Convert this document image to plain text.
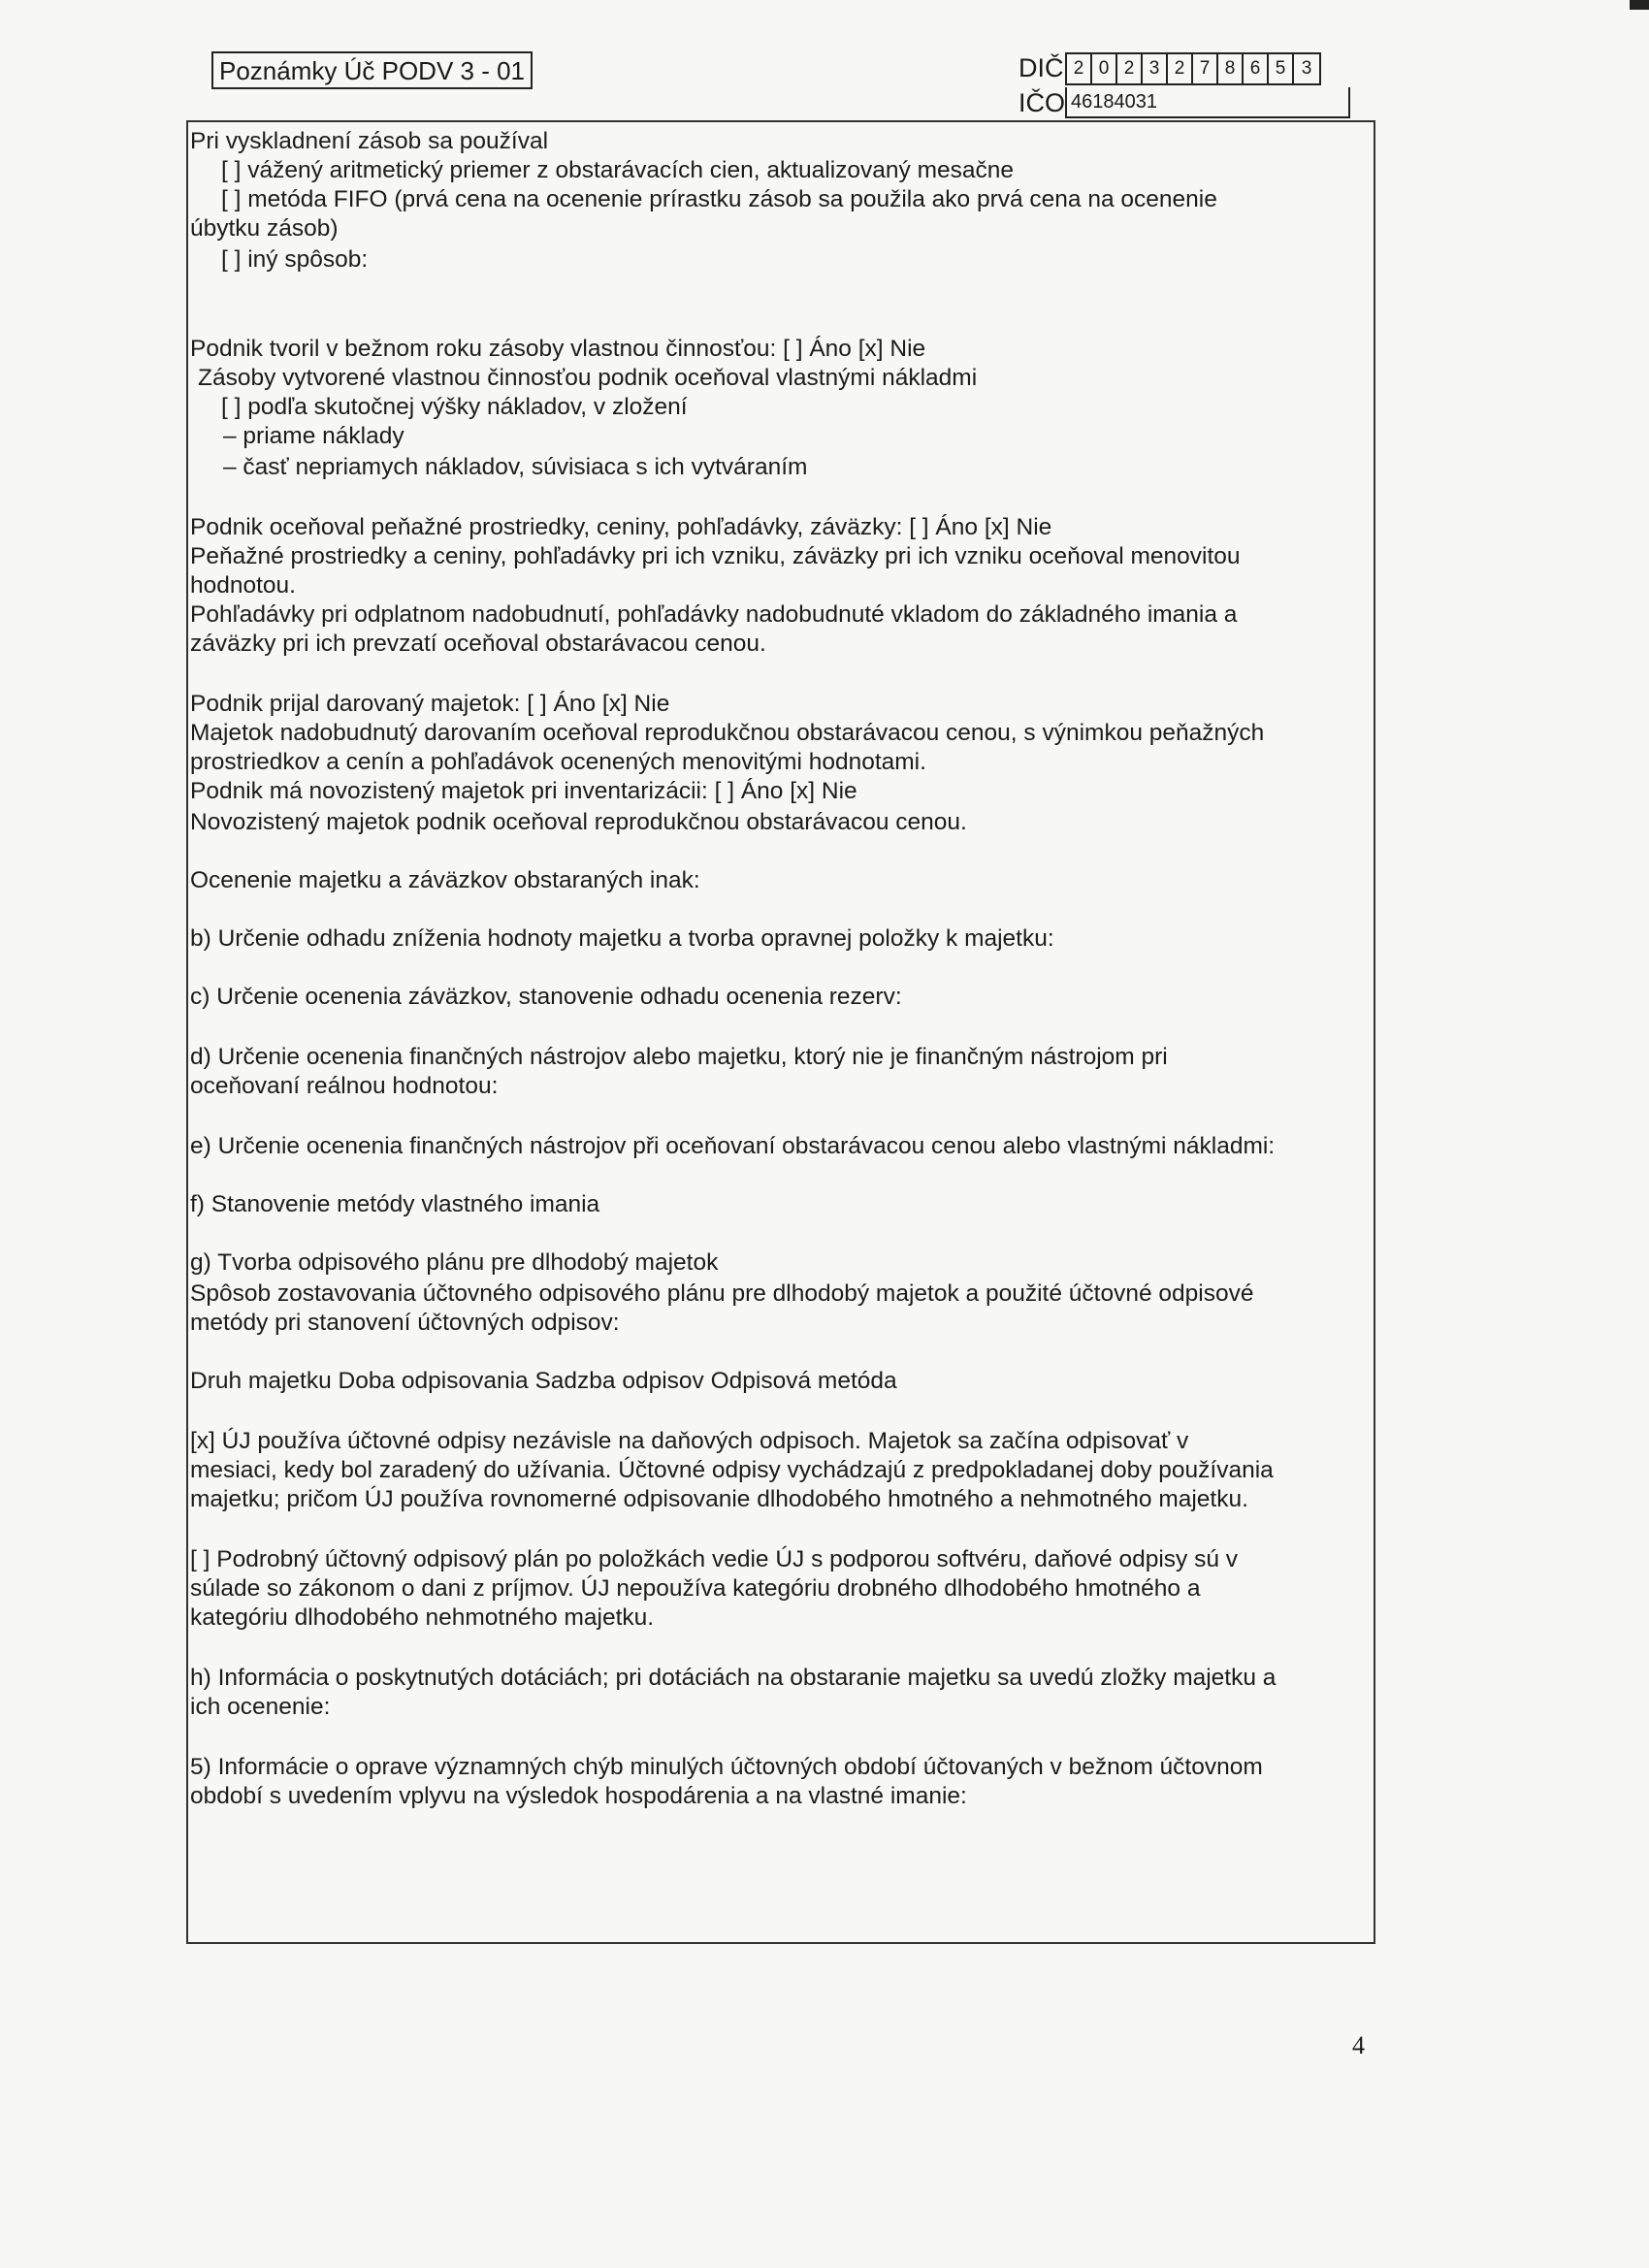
Poznámky Úč PODV 3 - 01	DIČ 2 0 2 3 2 7 8 6 5 3
IČO 46184031
Pri vyskladnení zásob sa používal
[ ] vážený aritmetický priemer z obstarávacích cien, aktualizovaný mesačne
[ ] metóda FIFO (prvá cena na ocenenie prírastku zásob sa použila ako prvá cena na ocenenie
úbytku zásob)
[ ] iný spôsob:
Podnik tvoril v bežnom roku zásoby vlastnou činnosťou: [ ] Áno [x] Nie
Zásoby vytvorené vlastnou činnosťou podnik oceňoval vlastnými nákladmi
[ ] podľa skutočnej výšky nákladov, v zložení
– priame náklady
– časť nepriamych nákladov, súvisiaca s ich vytváraním
Podnik oceňoval peňažné prostriedky, ceniny, pohľadávky, záväzky: [ ] Áno [x] Nie
Peňažné prostriedky a ceniny, pohľadávky pri ich vzniku, záväzky pri ich vzniku oceňoval menovitou
hodnotou.
Pohľadávky pri odplatnom nadobudnutí, pohľadávky nadobudnuté vkladom do základného imania a
záväzky pri ich prevzatí oceňoval obstarávacou cenou.
Podnik prijal darovaný majetok: [ ] Áno [x] Nie
Majetok nadobudnutý darovaním oceňoval reprodukčnou obstarávacou cenou, s výnimkou peňažných
prostriedkov a cenín a pohľadávok ocenených menovitými hodnotami.
Podnik má novozistený majetok pri inventarizácii: [ ] Áno [x] Nie
Novozistený majetok podnik oceňoval reprodukčnou obstarávacou cenou.
Ocenenie majetku a záväzkov obstaraných inak:
b) Určenie odhadu zníženia hodnoty majetku a tvorba opravnej položky k majetku:
c) Určenie ocenenia záväzkov, stanovenie odhadu ocenenia rezerv:
d) Určenie ocenenia finančných nástrojov alebo majetku, ktorý nie je finančným nástrojom pri
oceňovaní reálnou hodnotou:
e) Určenie ocenenia finančných nástrojov při oceňovaní obstarávacou cenou alebo vlastnými nákladmi:
f) Stanovenie metódy vlastného imania
g) Tvorba odpisového plánu pre dlhodobý majetok
Spôsob zostavovania účtovného odpisového plánu pre dlhodobý majetok a použité účtovné odpisové
metódy pri stanovení účtovných odpisov:
Druh majetku Doba odpisovania Sadzba odpisov Odpisová metóda
[x] ÚJ používa účtovné odpisy nezávisle na daňových odpisoch. Majetok sa začína odpisovať v
mesiaci, kedy bol zaradený do užívania. Účtovné odpisy vychádzajú z predpokladanej doby používania
majetku; pričom ÚJ používa rovnomerné odpisovanie dlhodobého hmotného a nehmotného majetku.
[ ] Podrobný účtovný odpisový plán po položkách vedie ÚJ s podporou softvéru, daňové odpisy sú v
súlade so zákonom o dani z príjmov. ÚJ nepoužíva kategóriu drobného dlhodobého hmotného a
kategóriu dlhodobého nehmotného majetku.
h) Informácia o poskytnutých dotáciách; pri dotáciách na obstaranie majetku sa uvedú zložky majetku a
ich ocenenie:
5) Informácie o oprave významných chýb minulých účtovných období účtovaných v bežnom účtovnom
období s uvedením vplyvu na výsledok hospodárenia a na vlastné imanie:
4
